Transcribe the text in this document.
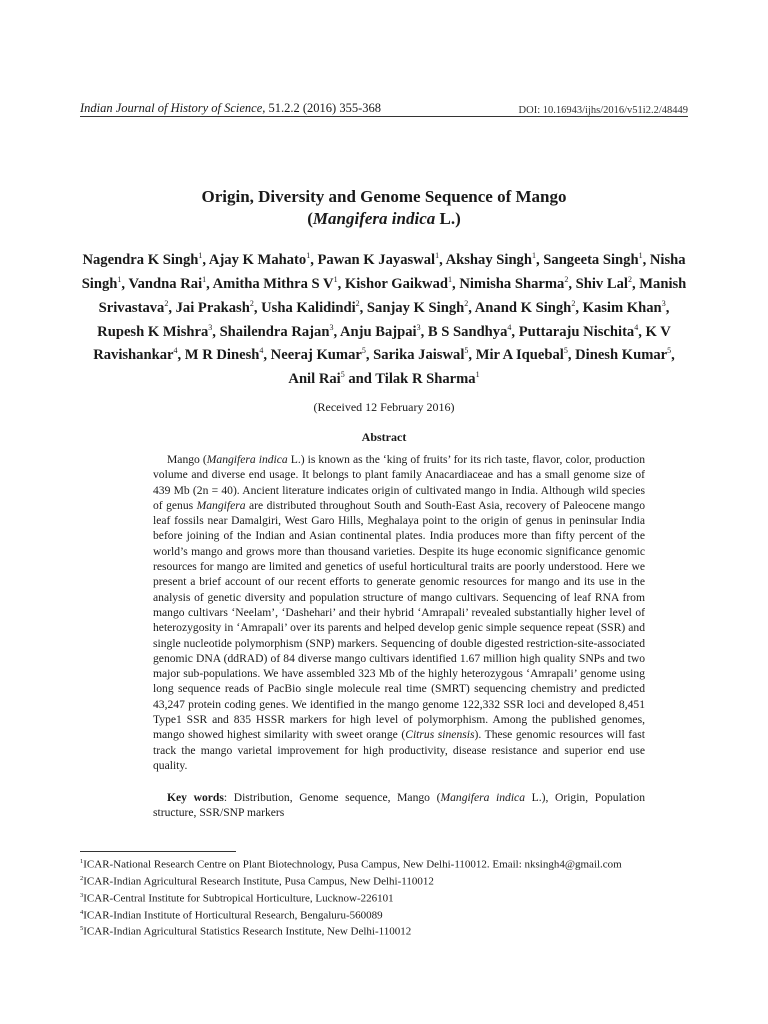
Indian Journal of History of Science, 51.2.2 (2016) 355-368	DOI: 10.16943/ijhs/2016/v51i2.2/48449
Origin, Diversity and Genome Sequence of Mango
(Mangifera indica L.)
Nagendra K Singh$^1$, Ajay K Mahato$^1$, Pawan K Jayaswal$^1$, Akshay Singh$^1$, Sangeeta Singh$^1$, Nisha Singh$^1$, Vandna Rai$^1$, Amitha Mithra S $V^1$, Kishor Gaikwad$^1$, Nimisha Sharma$^2$, Shiv Lal$^2$, Manish Srivastava$^2$, Jai Prakash$^2$, Usha Kalidindi$^2$, Sanjay K Singh$^2$, Anand K Singh$^2$, Kasim Khan$^3$, Rupesh K Mishra$^3$, Shailendra Rajan$^3$, Anju Bajpai$^3$, B S Sandhya$^4$, Puttaraju Nischita$^4$, K V Ravishankar$^4$, M R Dinesh$^4$, Neeraj Kumar$^5$, Sarika Jaiswal$^5$, Mir A Iquebal$^5$, Dinesh Kumar$^5$, Anil Rai$^5$ and Tilak R Sharma$^1$
(Received 12 February 2016)
Abstract
Mango (Mangifera indica L.) is known as the ‘king of fruits’ for its rich taste, flavor, color, production volume and diverse end usage. It belongs to plant family Anacardiaceae and has a small genome size of 439 Mb (2n = 40). Ancient literature indicates origin of cultivated mango in India. Although wild species of genus Mangifera are distributed throughout South and South-East Asia, recovery of Paleocene mango leaf fossils near Damalgiri, West Garo Hills, Meghalaya point to the origin of genus in peninsular India before joining of the Indian and Asian continental plates. India produces more than fifty percent of the world’s mango and grows more than thousand varieties. Despite its huge economic significance genomic resources for mango are limited and genetics of useful horticultural traits are poorly understood. Here we present a brief account of our recent efforts to generate genomic resources for mango and its use in the analysis of genetic diversity and population structure of mango cultivars. Sequencing of leaf RNA from mango cultivars ‘Neelam’, ‘Dashehari’ and their hybrid ‘Amrapali’ revealed substantially higher level of heterozygosity in ‘Amrapali’ over its parents and helped develop genic simple sequence repeat (SSR) and single nucleotide polymorphism (SNP) markers. Sequencing of double digested restriction-site-associated genomic DNA (ddRAD) of 84 diverse mango cultivars identified 1.67 million high quality SNPs and two major sub-populations. We have assembled 323 Mb of the highly heterozygous ‘Amrapali’ genome using long sequence reads of PacBio single molecule real time (SMRT) sequencing chemistry and predicted 43,247 protein coding genes. We identified in the mango genome 122,332 SSR loci and developed 8,451 Type1 SSR and 835 HSSR markers for high level of polymorphism. Among the published genomes, mango showed highest similarity with sweet orange (Citrus sinensis). These genomic resources will fast track the mango varietal improvement for high productivity, disease resistance and superior end use quality.
Key words: Distribution, Genome sequence, Mango (Mangifera indica L.), Origin, Population structure, SSR/SNP markers
$^1$ICAR-National Research Centre on Plant Biotechnology, Pusa Campus, New Delhi-110012. Email: nksingh4@gmail.com
$^2$ICAR-Indian Agricultural Research Institute, Pusa Campus, New Delhi-110012
$^3$ICAR-Central Institute for Subtropical Horticulture, Lucknow-226101
$^4$ICAR-Indian Institute of Horticultural Research, Bengaluru-560089
$^5$ICAR-Indian Agricultural Statistics Research Institute, New Delhi-110012
